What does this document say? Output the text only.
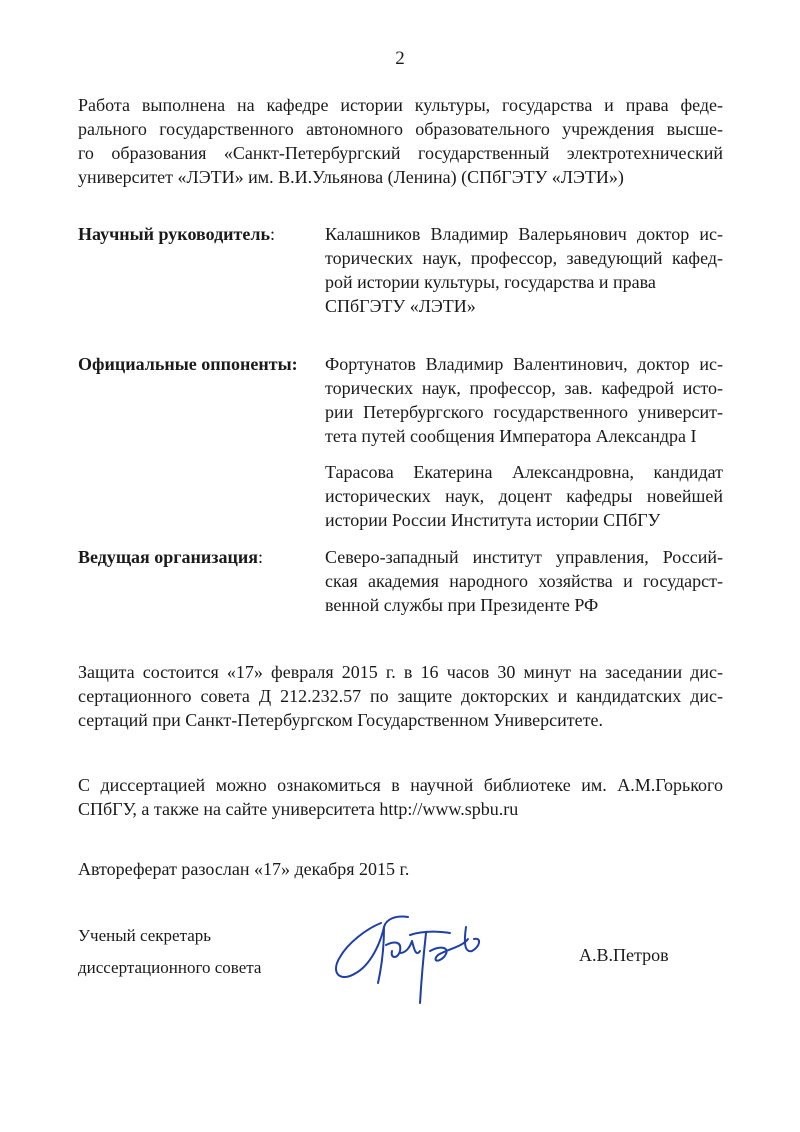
2
Работа выполнена на кафедре истории культуры, государства и права феде-
рального государственного автономного образовательного учреждения высше-
го образования «Санкт-Петербургский государственный электротехнический
университет «ЛЭТИ» им. В.И.Ульянова (Ленина) (СПбГЭТУ «ЛЭТИ»)
Научный руководитель:	Калашников Владимир Валерьянович доктор ис-
торических наук, профессор, заведующий кафед-
рой истории культуры, государства и права
СПбГЭТУ «ЛЭТИ»
Официальные оппоненты: Фортунатов Владимир Валентинович, доктор ис-
торических наук, профессор, зав. кафедрой исто-
рии Петербургского государственного университ-
тета путей сообщения Императора Александра I
Тарасова Екатерина Александровна, кандидат
исторических наук, доцент кафедры новейшей
истории России Института истории СПбГУ
Ведущая организация:	Северо-западный институт управления, Россий-
ская академия народного хозяйства и государст-
венной службы при Президенте РФ
Защита состоится «17» февраля 2015 г. в 16 часов 30 минут на заседании дис-
сертационного совета Д 212.232.57 по защите докторских и кандидатских дис-
сертаций при Санкт-Петербургском Государственном Университете.
С диссертацией можно ознакомиться в научной библиотеке им. А.М.Горького
СПбГУ, а также на сайте университета http://www.spbu.ru
Автореферат разослан «17» декабря 2015 г.
Ученый секретарь
диссертационного совета
А.В.Петров
